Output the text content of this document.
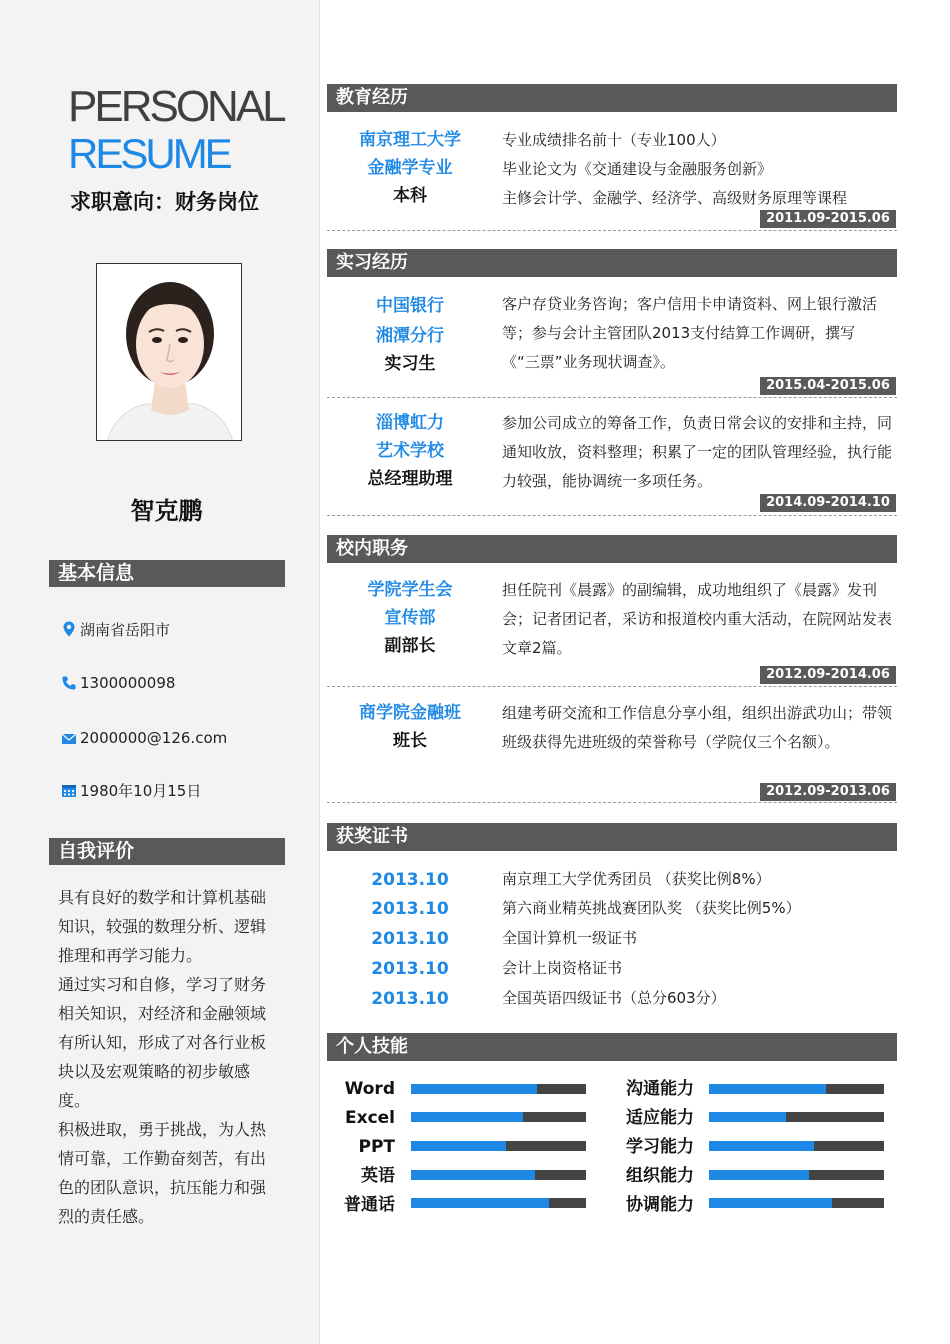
PERSONAL
RESUME
求职意向：财务岗位
智克鹏
基本信息
湖南省岳阳市
1300000098
2000000@126.com
1980年10月15日
自我评价
具有良好的数学和计算机基础知识，较强的数理分析、逻辑推理和再学习能力。
通过实习和自修，学习了财务相关知识，对经济和金融领域有所认知，形成了对各行业板块以及宏观策略的初步敏感度。
积极进取，勇于挑战，为人热情可靠，工作勤奋刻苦，有出色的团队意识，抗压能力和强烈的责任感。
教育经历
南京理工大学
金融学专业
本科
专业成绩排名前十（专业100人）
毕业论文为《交通建设与金融服务创新》
主修会计学、金融学、经济学、高级财务原理等课程
2011.09-2015.06
实习经历
中国银行
湘潭分行
实习生
客户存贷业务咨询；客户信用卡申请资料、网上银行激活等；参与会计主管团队2013支付结算工作调研，撰写《“三票”业务现状调查》。
2015.04-2015.06
淄博虹力
艺术学校
总经理助理
参加公司成立的筹备工作，负责日常会议的安排和主持，同通知收放，资料整理；积累了一定的团队管理经验，执行能力较强，能协调统一多项任务。
2014.09-2014.10
校内职务
学院学生会
宣传部
副部长
担任院刊《晨露》的副编辑，成功地组织了《晨露》发刊会；记者团记者，采访和报道校内重大活动，在院网站发表文章2篇。
2012.09-2014.06
商学院金融班
班长
组建考研交流和工作信息分享小组，组织出游武功山；带领班级获得先进班级的荣誉称号（学院仅三个名额）。
2012.09-2013.06
获奖证书
2013.10	南京理工大学优秀团员 （获奖比例8%）
2013.10	第六商业精英挑战赛团队奖 （获奖比例5%）
2013.10	全国计算机一级证书
2013.10	会计上岗资格证书
2013.10	全国英语四级证书（总分603分）
个人技能
Word
Excel
PPT
英语
普通话
沟通能力
适应能力
学习能力
组织能力
协调能力
